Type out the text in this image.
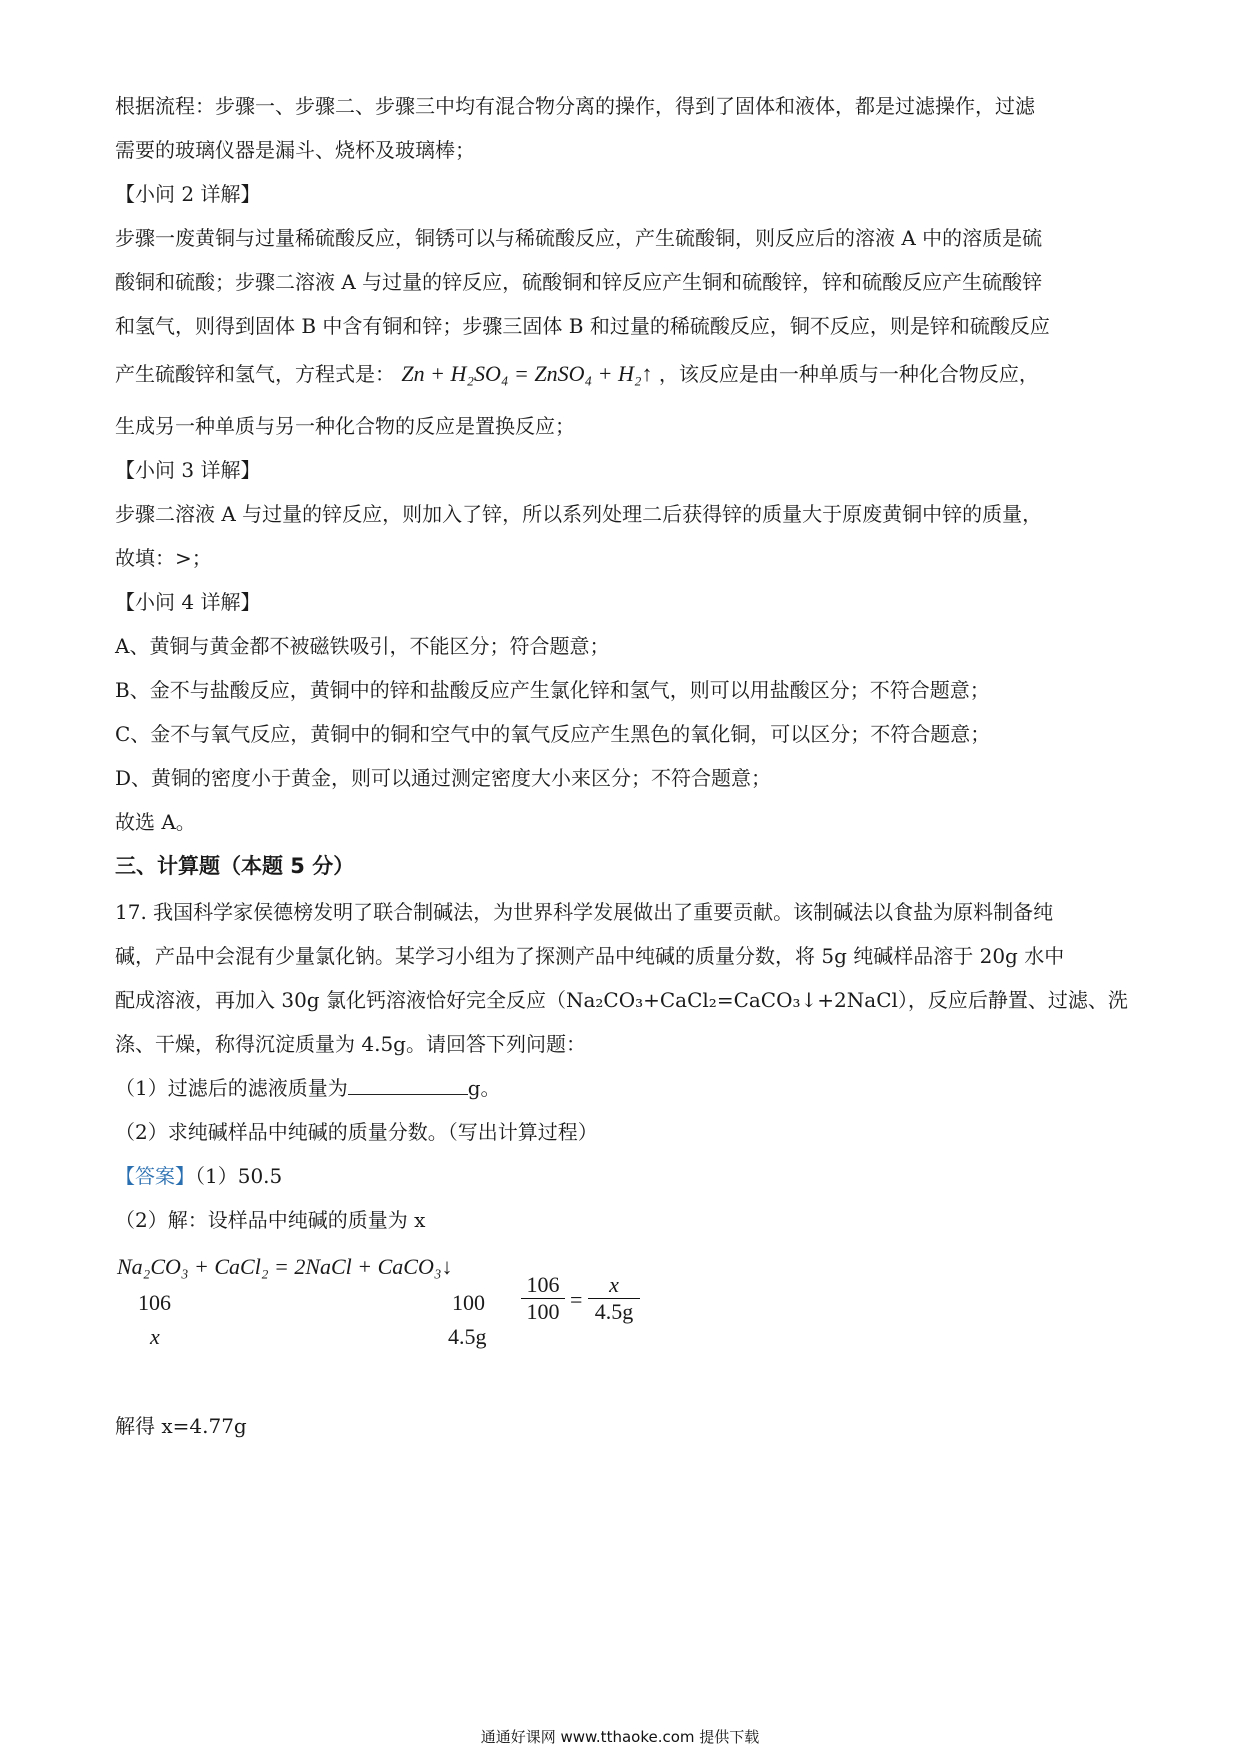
根据流程：步骤一、步骤二、步骤三中均有混合物分离的操作，得到了固体和液体，都是过滤操作，过滤
需要的玻璃仪器是漏斗、烧杯及玻璃棒；
【小问 2 详解】
步骤一废黄铜与过量稀硫酸反应，铜锈可以与稀硫酸反应，产生硫酸铜，则反应后的溶液 A 中的溶质是硫
酸铜和硫酸；步骤二溶液 A 与过量的锌反应，硫酸铜和锌反应产生铜和硫酸锌，锌和硫酸反应产生硫酸锌
和氢气，则得到固体 B 中含有铜和锌；步骤三固体 B 和过量的稀硫酸反应，铜不反应，则是锌和硫酸反应
产生硫酸锌和氢气，方程式是： Zn + H₂SO₄ = ZnSO₄ + H₂↑ ，该反应是由一种单质与一种化合物反应，
生成另一种单质与另一种化合物的反应是置换反应；
【小问 3 详解】
步骤二溶液 A 与过量的锌反应，则加入了锌，所以系列处理二后获得锌的质量大于原废黄铜中锌的质量，
故填：>；
【小问 4 详解】
A、黄铜与黄金都不被磁铁吸引，不能区分；符合题意；
B、金不与盐酸反应，黄铜中的锌和盐酸反应产生氯化锌和氢气，则可以用盐酸区分；不符合题意；
C、金不与氧气反应，黄铜中的铜和空气中的氧气反应产生黑色的氧化铜，可以区分；不符合题意；
D、黄铜的密度小于黄金，则可以通过测定密度大小来区分；不符合题意；
故选 A。
三、计算题（本题 5 分）
17. 我国科学家侯德榜发明了联合制碱法，为世界科学发展做出了重要贡献。该制碱法以食盐为原料制备纯
碱，产品中会混有少量氯化钠。某学习小组为了探测产品中纯碱的质量分数，将 5g 纯碱样品溶于 20g 水中
配成溶液，再加入 30g 氯化钙溶液恰好完全反应（Na₂CO₃+CaCl₂=CaCO₃↓+2NaCl），反应后静置、过滤、洗
涤、干燥，称得沉淀质量为 4.5g。请回答下列问题：
（1）过滤后的滤液质量为	g。
（2）求纯碱样品中纯碱的质量分数。（写出计算过程）
【答案】（1）50.5
（2）解：设样品中纯碱的质量为 x
Na₂CO₃ + CaCl₂ = 2NaCl + CaCO₃↓
106
x
100
4.5g
$\frac{106}{100} = \frac{x}{4.5g}$
解得 x=4.77g
通通好课网 www.tthaoke.com 提供下载
